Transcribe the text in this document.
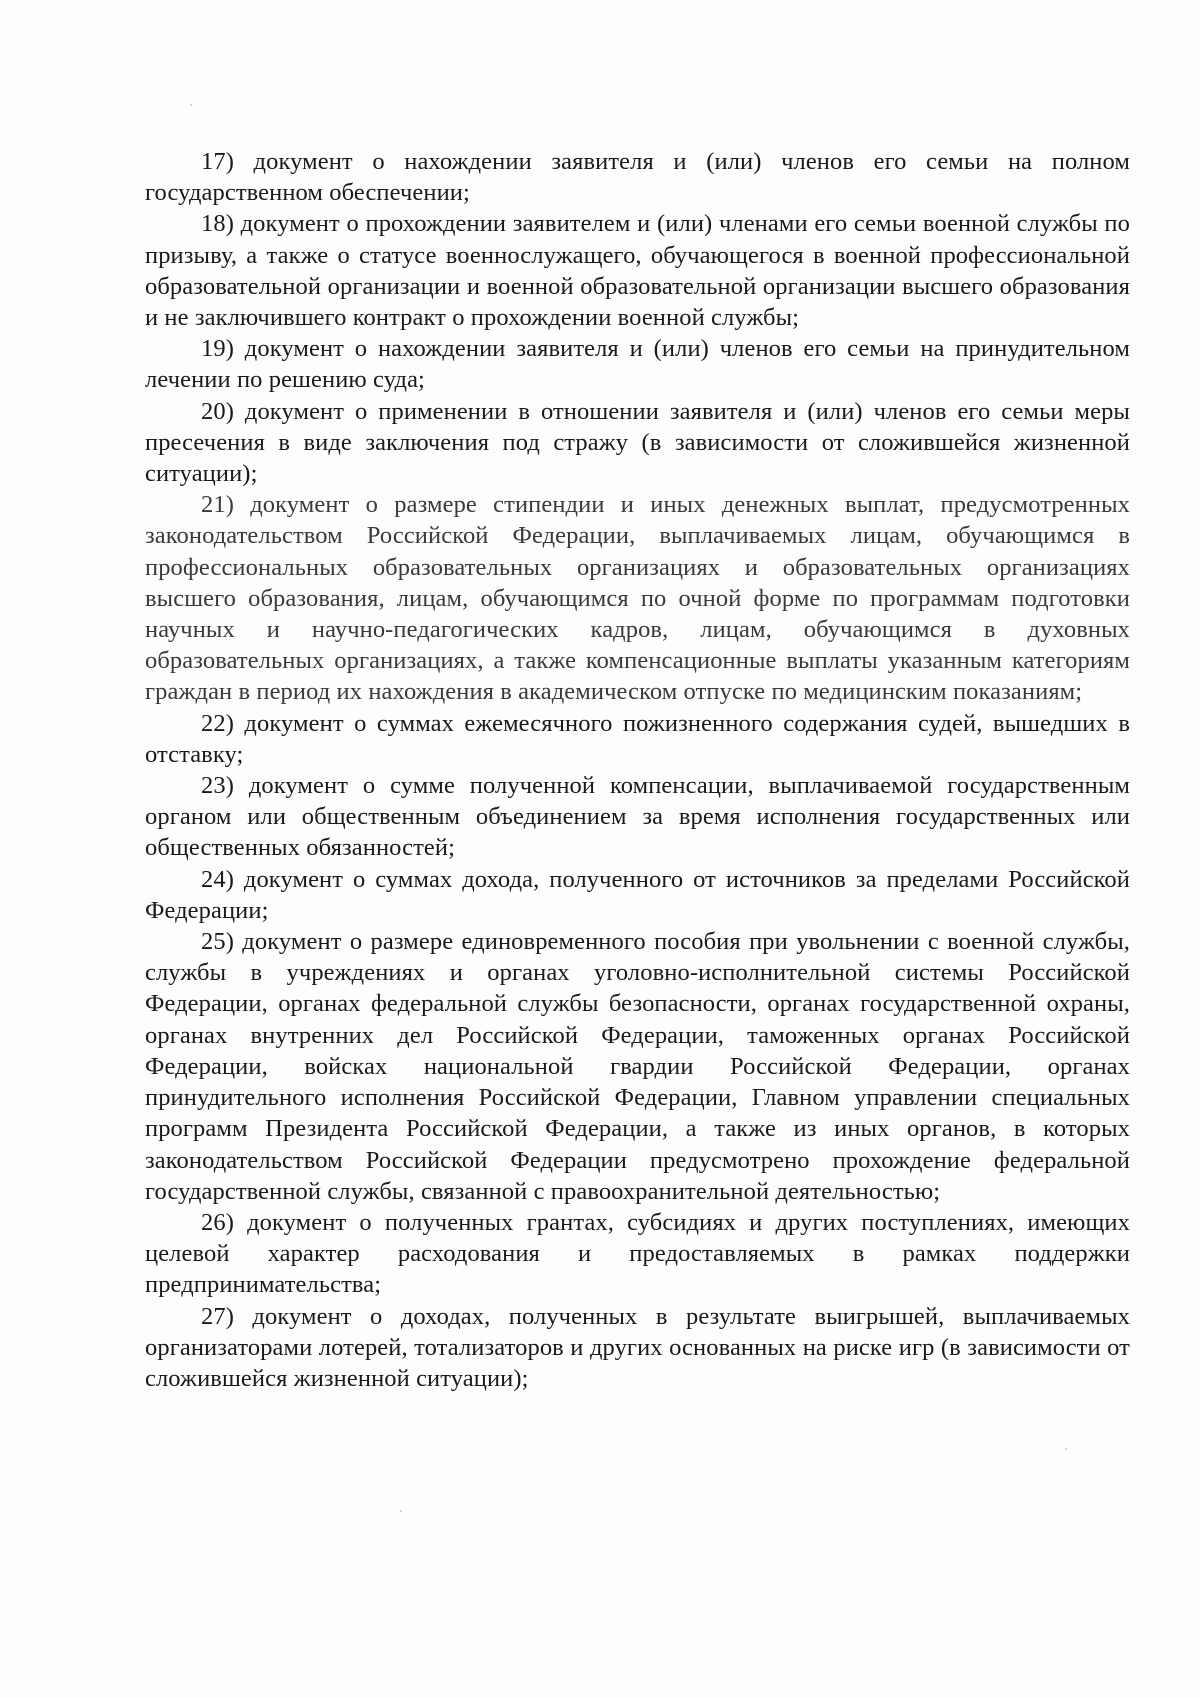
17) документ о нахождении заявителя и (или) членов его семьи на полном государственном обеспечении;

18) документ о прохождении заявителем и (или) членами его семьи военной службы по призыву, а также о статусе военнослужащего, обучающегося в военной профессиональной образовательной организации и военной образовательной организации высшего образования и не заключившего контракт о прохождении военной службы;

19) документ о нахождении заявителя и (или) членов его семьи на принудительном лечении по решению суда;

20) документ о применении в отношении заявителя и (или) членов его семьи меры пресечения в виде заключения под стражу (в зависимости от сложившейся жизненной ситуации);

21) документ о размере стипендии и иных денежных выплат, предусмотренных законодательством Российской Федерации, выплачиваемых лицам, обучающимся в профессиональных образовательных организациях и образовательных организациях высшего образования, лицам, обучающимся по очной форме по программам подготовки научных и научно-педагогических кадров, лицам, обучающимся в духовных образовательных организациях, а также компенсационные выплаты указанным категориям граждан в период их нахождения в академическом отпуске по медицинским показаниям;

22) документ о суммах ежемесячного пожизненного содержания судей, вышедших в отставку;

23) документ о сумме полученной компенсации, выплачиваемой государственным органом или общественным объединением за время исполнения государственных или общественных обязанностей;

24) документ о суммах дохода, полученного от источников за пределами Российской Федерации;

25) документ о размере единовременного пособия при увольнении с военной службы, службы в учреждениях и органах уголовно-исполнительной системы Российской Федерации, органах федеральной службы безопасности, органах государственной охраны, органах внутренних дел Российской Федерации, таможенных органах Российской Федерации, войсках национальной гвардии Российской Федерации, органах принудительного исполнения Российской Федерации, Главном управлении специальных программ Президента Российской Федерации, а также из иных органов, в которых законодательством Российской Федерации предусмотрено прохождение федеральной государственной службы, связанной с правоохранительной деятельностью;

26) документ о полученных грантах, субсидиях и других поступлениях, имеющих целевой характер расходования и предоставляемых в рамках поддержки предпринимательства;

27) документ о доходах, полученных в результате выигрышей, выплачиваемых организаторами лотерей, тотализаторов и других основанных на риске игр (в зависимости от сложившейся жизненной ситуации);
